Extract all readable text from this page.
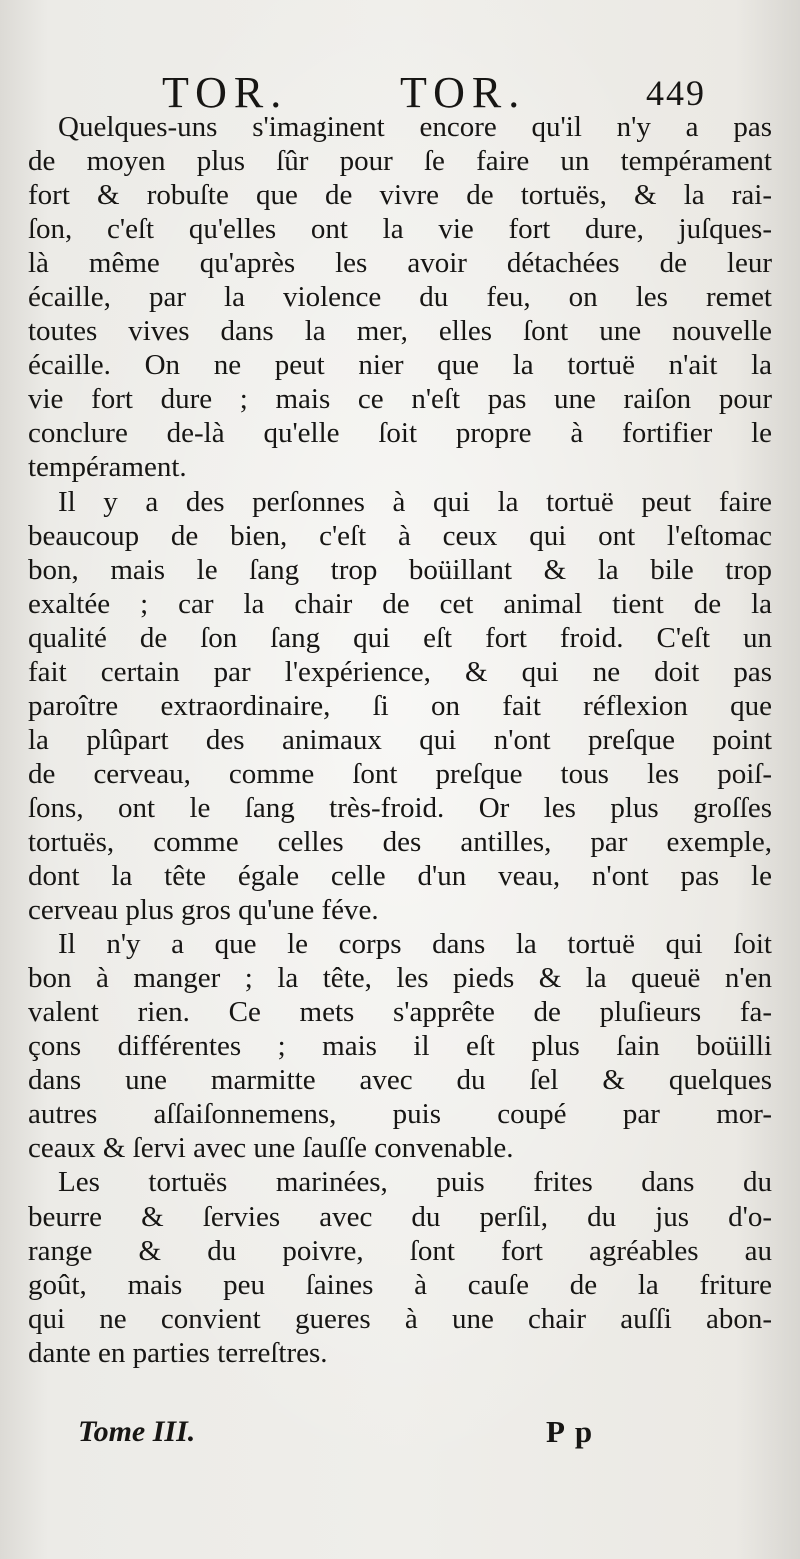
TOR.	TOR.	449
Quelques-uns s'imaginent encore qu'il n'y a pas
de moyen plus ſûr pour ſe faire un tempérament
fort & robuſte que de vivre de tortuës, & la rai-
ſon, c'eſt qu'elles ont la vie fort dure, juſques-
là même qu'après les avoir détachées de leur
écaille, par la violence du feu, on les remet
toutes vives dans la mer, elles ſont une nouvelle
écaille. On ne peut nier que la tortuë n'ait la
vie fort dure ; mais ce n'eſt pas une raiſon pour
conclure de-là qu'elle ſoit propre à fortifier le
tempérament.
Il y a des perſonnes à qui la tortuë peut faire
beaucoup de bien, c'eſt à ceux qui ont l'eſtomac
bon, mais le ſang trop boüillant & la bile trop
exaltée ; car la chair de cet animal tient de la
qualité de ſon ſang qui eſt fort froid. C'eſt un
fait certain par l'expérience, & qui ne doit pas
paroître extraordinaire, ſi on fait réflexion que
la plûpart des animaux qui n'ont preſque point
de cerveau, comme ſont preſque tous les poiſ-
ſons, ont le ſang très-froid. Or les plus groſſes
tortuës, comme celles des antilles, par exemple,
dont la tête égale celle d'un veau, n'ont pas le
cerveau plus gros qu'une féve.
Il n'y a que le corps dans la tortuë qui ſoit
bon à manger ; la tête, les pieds & la queuë n'en
valent rien. Ce mets s'apprête de pluſieurs fa-
çons différentes ; mais il eſt plus ſain boüilli
dans une marmitte avec du ſel & quelques
autres aſſaiſonnemens, puis coupé par mor-
ceaux & ſervi avec une ſauſſe convenable.
Les tortuës marinées, puis frites dans du
beurre & ſervies avec du perſil, du jus d'o-
range & du poivre, ſont fort agréables au
goût, mais peu ſaines à cauſe de la friture
qui ne convient gueres à une chair auſſi abon-
dante en parties terreſtres.
Tome III.	Pp
